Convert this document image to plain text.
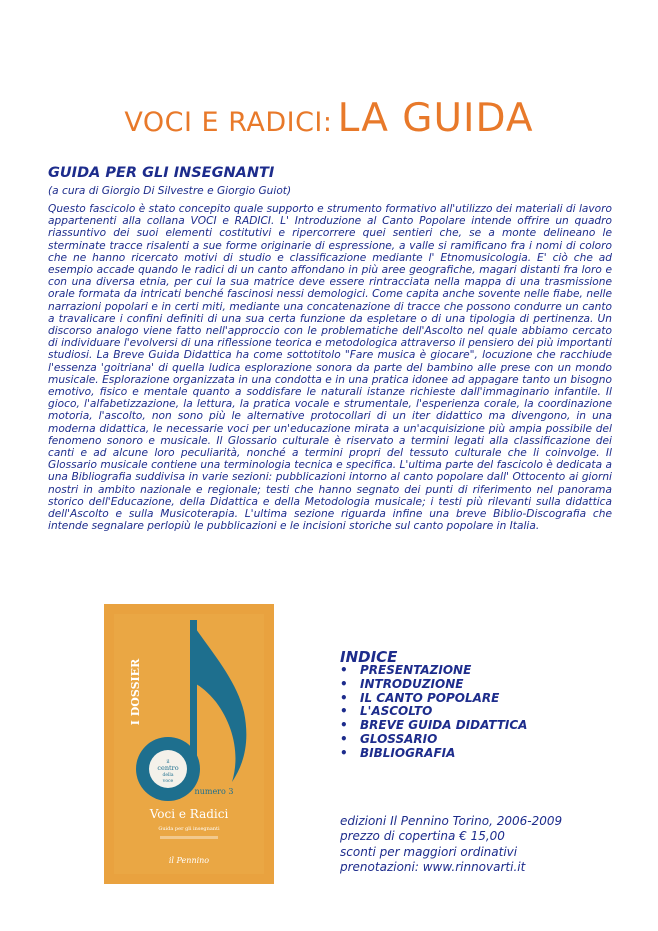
VOCI E RADICI: LA GUIDA
GUIDA PER GLI INSEGNANTI
(a cura di Giorgio Di Silvestre e Giorgio Guiot)

Questo fascicolo è stato concepito quale supporto e strumento formativo all'utilizzo dei materiali di lavoro appartenenti alla collana VOCI e RADICI. L' Introduzione al Canto Popolare intende offrire un quadro riassuntivo dei suoi elementi costitutivi e ripercorrere quei sentieri che, se a monte delineano le sterminate tracce risalenti a sue forme originarie di espressione, a valle si ramificano fra i nomi di coloro che ne hanno ricercato motivi di studio e classificazione mediante l' Etnomusicologia. E' ciò che ad esempio accade quando le radici di un canto affondano in più aree geografiche, magari distanti fra loro e con una diversa etnia, per cui la sua matrice deve essere rintracciata nella mappa di una trasmissione orale formata da intricati benché fascinosi nessi demologici. Come capita anche sovente nelle fiabe, nelle narrazioni popolari e in certi miti, mediante una concatenazione di tracce che possono condurre un canto a travalicare i confini definiti di una sua certa funzione da espletare o di una tipologia di pertinenza. Un discorso analogo viene fatto nell'approccio con le problematiche dell'Ascolto nel quale abbiamo cercato di individuare l'evolversi di una riflessione teorica e metodologica attraverso il pensiero dei più importanti studiosi. La Breve Guida Didattica ha come sottotitolo "Fare musica è giocare", locuzione che racchiude l'essenza 'goitriana' di quella ludica esplorazione sonora da parte del bambino alle prese con un mondo musicale. Esplorazione organizzata in una condotta e in una pratica idonee ad appagare tanto un bisogno emotivo, fisico e mentale quanto a soddisfare le naturali istanze richieste dall'immaginario infantile. Il gioco, l'alfabetizzazione, la lettura, la pratica vocale e strumentale, l'esperienza corale, la coordinazione motoria, l'ascolto, non sono più le alternative protocollari di un iter didattico ma divengono, in una moderna didattica, le necessarie voci per un'educazione mirata a un'acquisizione più ampia possibile del fenomeno sonoro e musicale. Il Glossario culturale è riservato a termini legati alla classificazione dei canti e ad alcune loro peculiarità, nonché a termini propri del tessuto culturale che li coinvolge. Il Glossario musicale contiene una terminologia tecnica e specifica. L'ultima parte del fascicolo è dedicata a una Bibliografia suddivisa in varie sezioni: pubblicazioni intorno al canto popolare dall' Ottocento ai giorni nostri in ambito nazionale e regionale; testi che hanno segnato dei punti di riferimento nel panorama storico dell'Educazione, della Didattica e della Metodologia musicale; i testi più rilevanti sulla didattica dell'Ascolto e sulla Musicoterapia. L'ultima sezione riguarda infine una breve Biblio-Discografia che intende segnalare perlopiù le pubblicazioni e le incisioni storiche sul canto popolare in Italia.

I DOSSIER
il
centro
della
voce
numero 3
Voci e Radici
Guida per gli insegnanti
il Pennino
INDICE
• PRESENTAZIONE
• INTRODUZIONE
• IL CANTO POPOLARE
• L'ASCOLTO
• BREVE GUIDA DIDATTICA
• GLOSSARIO
• BIBLIOGRAFIA
edizioni Il Pennino Torino, 2006-2009
prezzo di copertina € 15,00
sconti per maggiori ordinativi
prenotazioni: www.rinnovarti.it
